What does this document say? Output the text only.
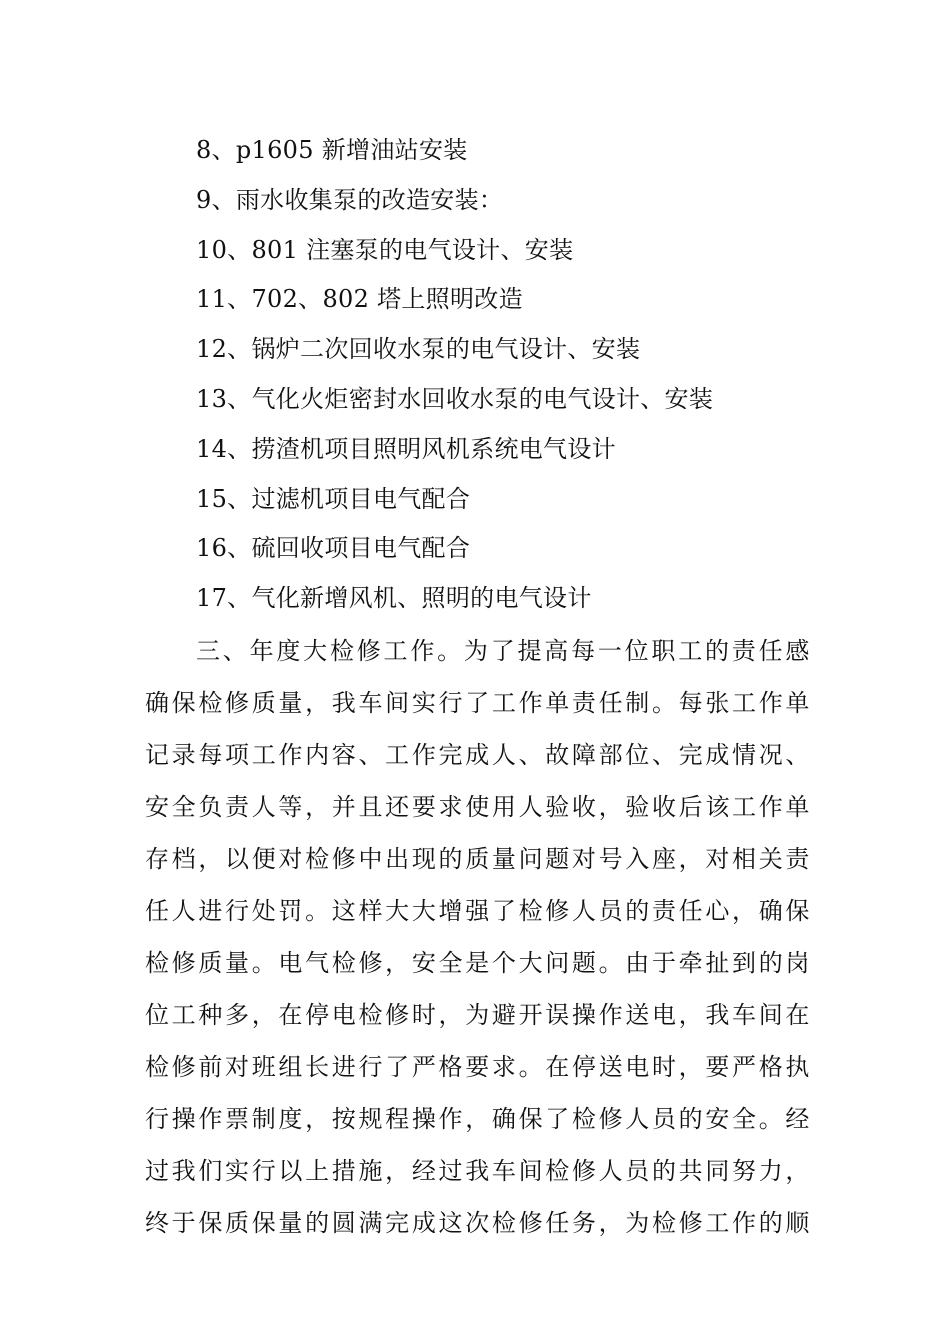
8、p1605 新增油站安装
9、雨水收集泵的改造安装：
10、801 注塞泵的电气设计、安装
11、702、802 塔上照明改造
12、锅炉二次回收水泵的电气设计、安装
13、气化火炬密封水回收水泵的电气设计、安装
14、捞渣机项目照明风机系统电气设计
15、过滤机项目电气配合
16、硫回收项目电气配合
17、气化新增风机、照明的电气设计
三、年度大检修工作。为了提高每一位职工的责任感
确保检修质量，我车间实行了工作单责任制。每张工作单
记录每项工作内容、工作完成人、故障部位、完成情况、
安全负责人等，并且还要求使用人验收，验收后该工作单
存档，以便对检修中出现的质量问题对号入座，对相关责
任人进行处罚。这样大大增强了检修人员的责任心，确保
检修质量。电气检修，安全是个大问题。由于牵扯到的岗
位工种多，在停电检修时，为避开误操作送电，我车间在
检修前对班组长进行了严格要求。在停送电时，要严格执
行操作票制度，按规程操作，确保了检修人员的安全。经
过我们实行以上措施，经过我车间检修人员的共同努力，
终于保质保量的圆满完成这次检修任务，为检修工作的顺
